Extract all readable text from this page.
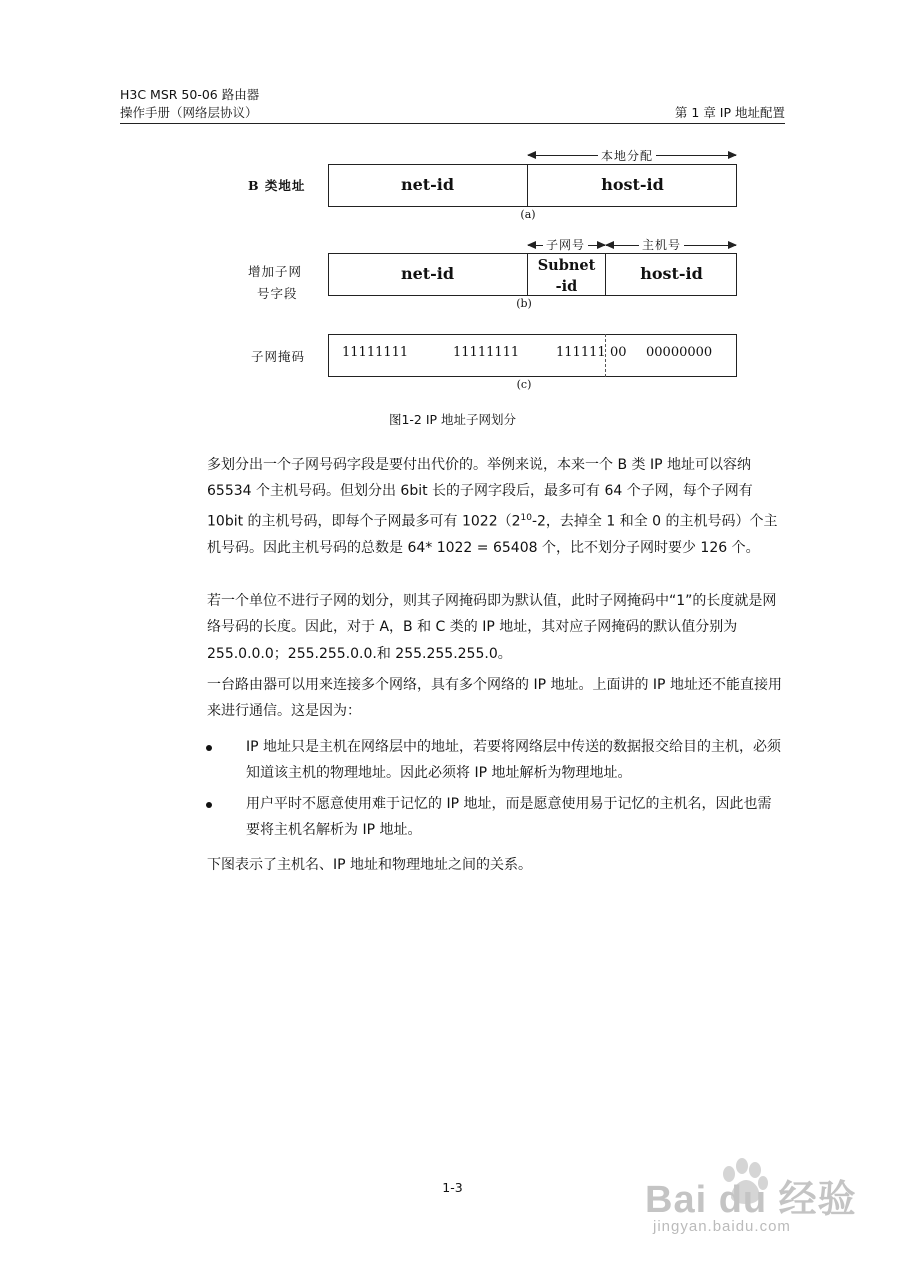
H3C MSR 50-06 路由器
操作手册（网络层协议）	第 1 章 IP 地址配置
B 类地址
本地分配
net-id	host-id
(a)
增加子网
号字段
子网号	主机号
net-id	Subnet
-id
host-id
(b)
子网掩码	11111111	11111111	111111 00 00000000
(c)
图1-2 IP 地址子网划分

多划分出一个子网号码字段是要付出代价的。举例来说，本来一个 B 类 IP 地址可以容纳 65534 个主机号码。但划分出 6bit 长的子网字段后，最多可有 64 个子网，每个子网有 10bit 的主机号码，即每个子网最多可有 $1022(2^{10}-2$，去掉全 1 和全 0 的主机号码）个主机号码。因此主机号码的总数是 64* 1022 = 65408 个，比不划分子网时要少 126 个。

若一个单位不进行子网的划分，则其子网掩码即为默认值，此时子网掩码中“1”的长度就是网络号码的长度。因此，对于 A，B 和 C 类的 IP 地址，其对应子网掩码的默认值分别为 255.0.0.0；255.255.0.0.和 255.255.255.0。
一台路由器可以用来连接多个网络，具有多个网络的 IP 地址。上面讲的 IP 地址还不能直接用来进行通信。这是因为：
IP 地址只是主机在网络层中的地址，若要将网络层中传送的数据报交给目的主机，必须知道该主机的物理地址。因此必须将 IP 地址解析为物理地址。
用户平时不愿意使用难于记忆的 IP 地址，而是愿意使用易于记忆的主机名，因此也需要将主机名解析为 IP 地址。
下图表示了主机名、IP 地址和物理地址之间的关系。
1-3	Bai du 经验
jingyan.baidu.com
